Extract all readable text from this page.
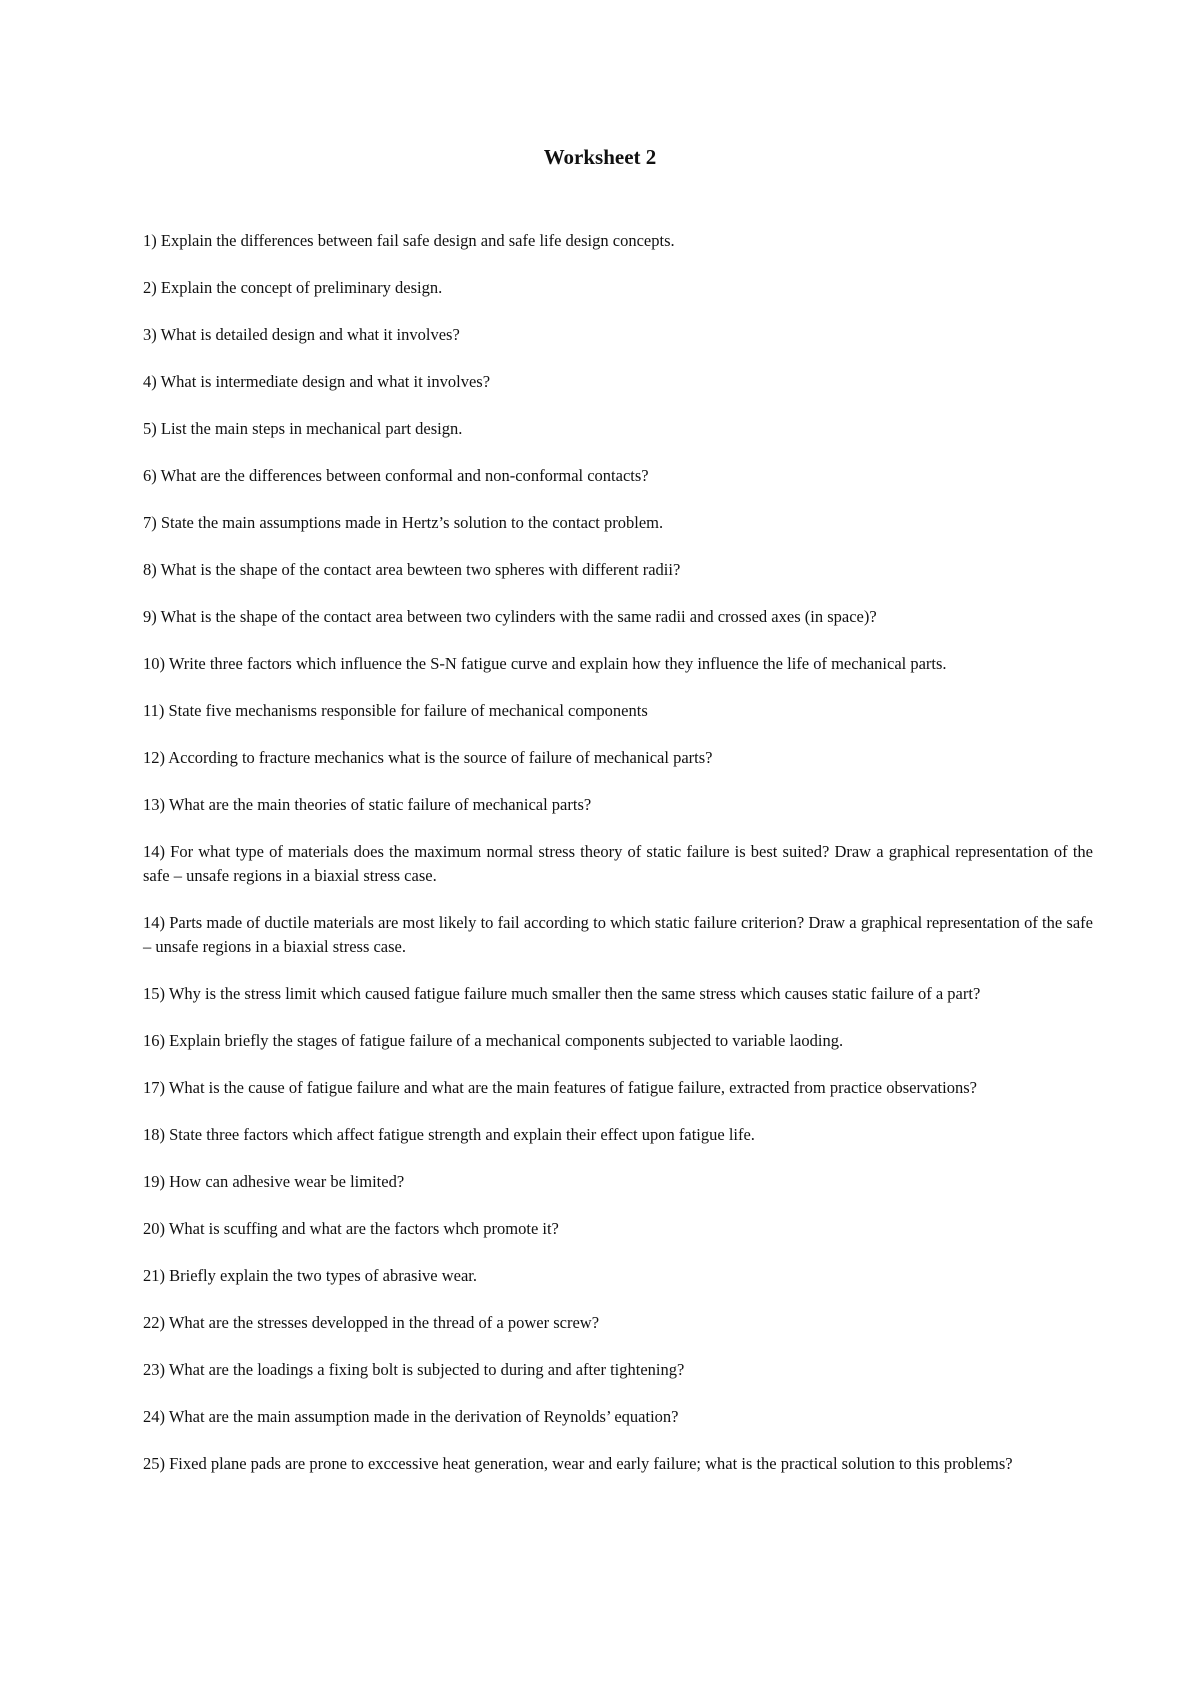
Worksheet 2

1) Explain the differences between fail safe design and safe life design concepts.

2) Explain the concept of preliminary design.

3) What is detailed design and what it involves?

4) What is intermediate design and what it involves?

5) List the main steps in mechanical part design.

6) What are the differences between conformal and non-conformal contacts?

7) State the main assumptions made in Hertz’s solution to the contact problem.

8) What is the shape of the contact area bewteen two spheres with different radii?

9) What is the shape of the contact area between two cylinders with the same radii and crossed axes (in space)?

10) Write three factors which influence the S-N fatigue curve and explain how they influence the life of mechanical parts.

11) State five mechanisms responsible for failure of mechanical components

12) According to fracture mechanics what is the source of failure of mechanical parts?

13) What are the main theories of static failure of mechanical parts?

14) For what type of materials does the maximum normal stress theory of static failure is best suited? Draw a graphical representation of the safe – unsafe regions in a biaxial stress case.

14) Parts made of ductile materials are most likely to fail according to which static failure criterion? Draw a graphical representation of the safe – unsafe regions in a biaxial stress case.

15) Why is the stress limit which caused fatigue failure much smaller then the same stress which causes static failure of a part?

16) Explain briefly the stages of fatigue failure of a mechanical components subjected to variable laoding.

17) What is the cause of fatigue failure and what are the main features of fatigue failure, extracted from practice observations?

18) State three factors which affect fatigue strength and explain their effect upon fatigue life.

19) How can adhesive wear be limited?

20) What is scuffing and what are the factors whch promote it?

21) Briefly explain the two types of abrasive wear.

22) What are the stresses developped in the thread of a power screw?

23) What are the loadings a fixing bolt is subjected to during and after tightening?

24) What are the main assumption made in the derivation of Reynolds’ equation?

25) Fixed plane pads are prone to exccessive heat generation, wear and early failure; what is the practical solution to this problems?
